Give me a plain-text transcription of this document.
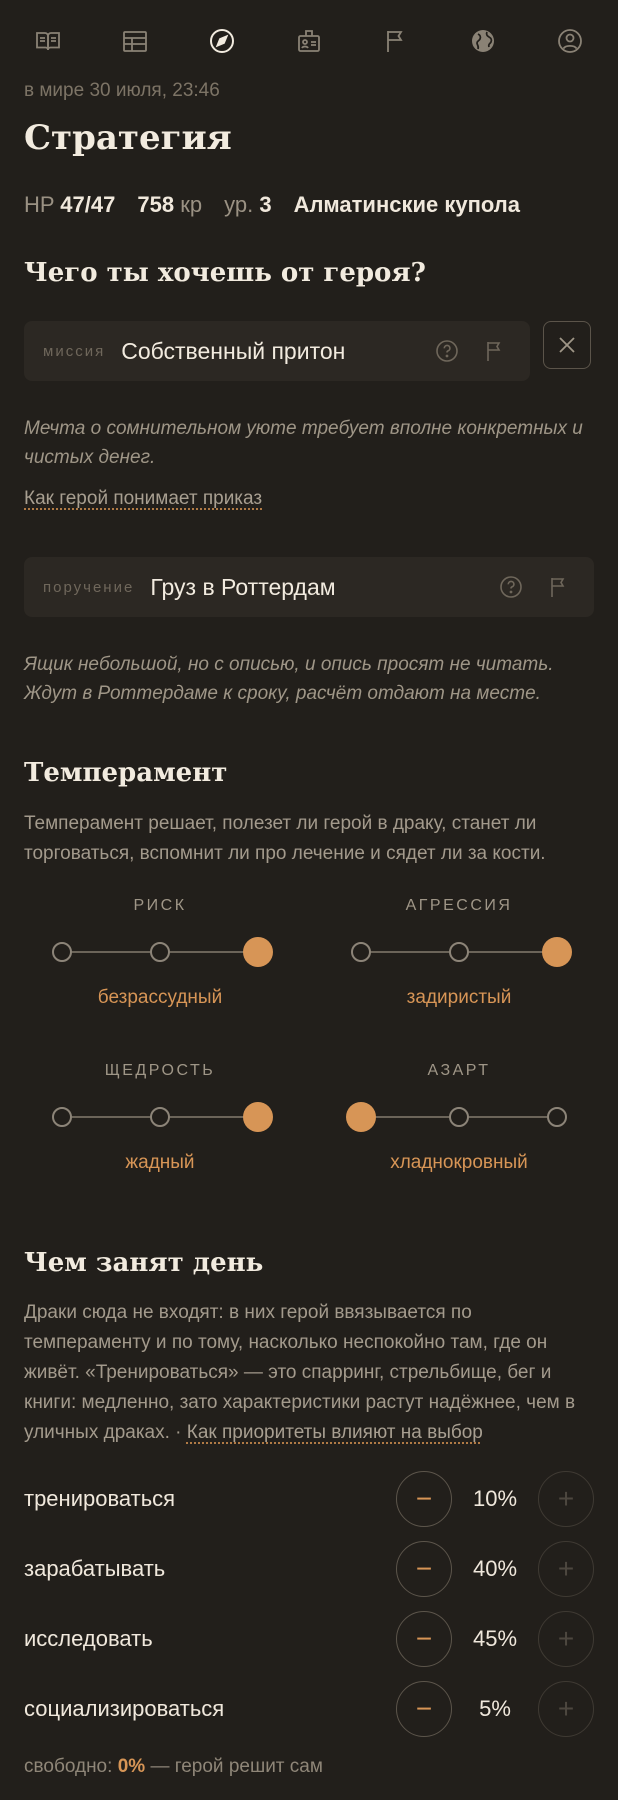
в мире 30 июля, 23:46
Стратегия
HP 47/47 758 кр ур. 3 Алматинские купола
Чего ты хочешь от героя?
миссия Собственный притон
Мечта о сомнительном уюте требует вполне конкретных и чистых денег.
Как герой понимает приказ
поручение Груз в Роттердам
Ящик небольшой, но с описью, и опись просят не читать. Ждут в Роттердаме к сроку, расчёт отдают на месте.
Темперамент
Темперамент решает, полезет ли герой в драку, станет ли торговаться, вспомнит ли про лечение и сядет ли за кости.
РИСК
безрассудный
АГРЕССИЯ
задиристый
ЩЕДРОСТЬ
жадный
АЗАРТ
хладнокровный
Чем занят день
Драки сюда не входят: в них герой ввязывается по темпераменту и по тому, насколько неспокойно там, где он живёт. «Тренироваться» — это спарринг, стрельбище, бег и книги: медленно, зато характеристики растут надёжнее, чем в уличных драках. · Как приоритеты влияют на выбор
тренироваться	−	10%	+
зарабатывать	−	40%	+
исследовать	−	45%	+
социализироваться	−	5%	+
свободно: 0% — герой решит сам
